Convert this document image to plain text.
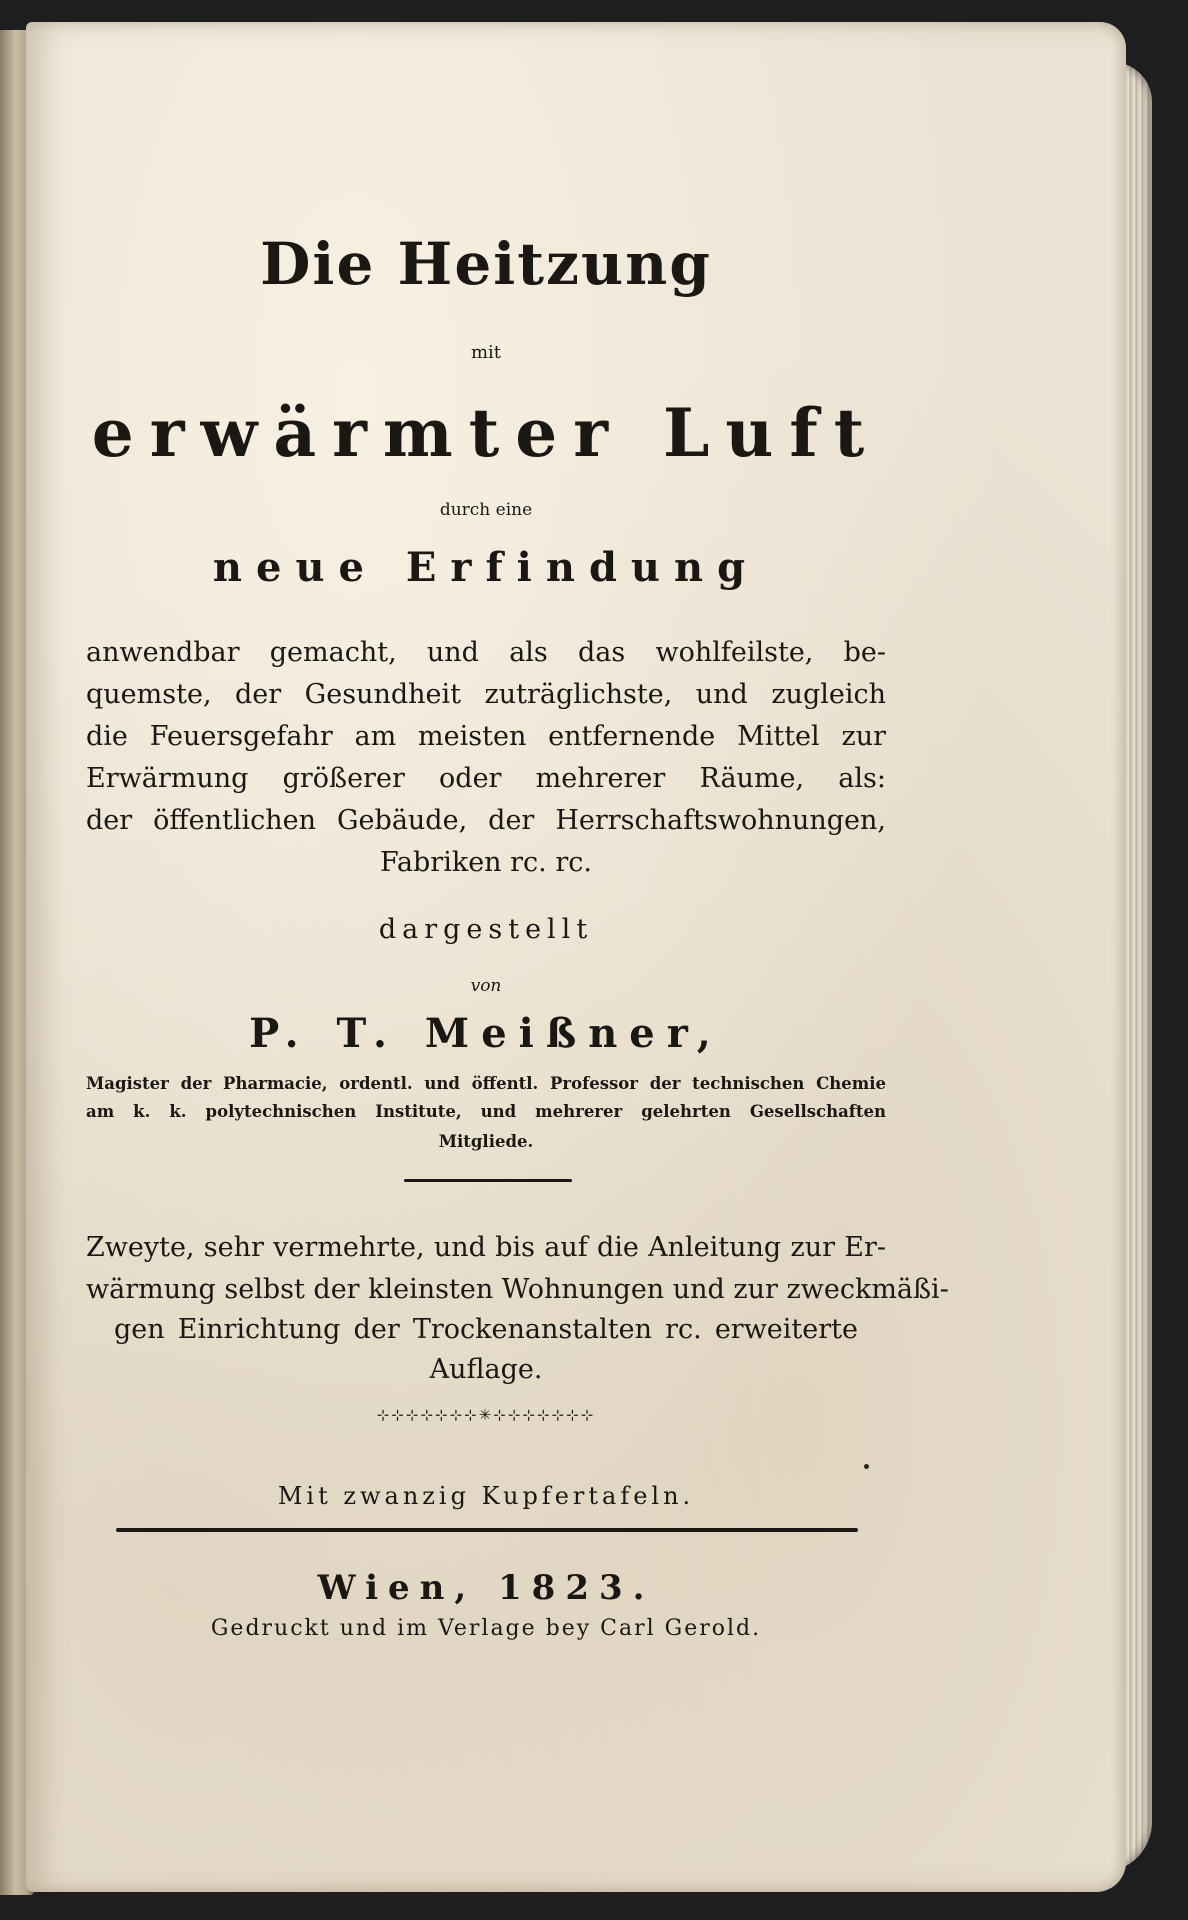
Die Heitzung
mit
erwärmter Luft
durch eine
neue Erfindung
anwendbar gemacht, und als das wohlfeilste, be-
quemste, der Gesundheit zuträglichste, und zugleich
die Feuersgefahr am meisten entfernende Mittel zur
Erwärmung größerer oder mehrerer Räume, als:
der öffentlichen Gebäude, der Herrschaftswohnungen,
Fabriken rc. rc.
dargestellt
von
P. T. Meißner,
Magister der Pharmacie, ordentl. und öffentl. Professor der technischen Chemie
am k. k. polytechnischen Institute, und mehrerer gelehrten Gesellschaften
Mitgliede.
Zweyte, sehr vermehrte, und bis auf die Anleitung zur Er-
wärmung selbst der kleinsten Wohnungen und zur zweckmäßi-
gen Einrichtung der Trockenanstalten rc. erweiterte
Auflage.
⊹⊹⊹⊹⊹⊹⊹✳⊹⊹⊹⊹⊹⊹⊹
Mit zwanzig Kupfertafeln.
Wien, 1823.
Gedruckt und im Verlage bey Carl Gerold.
